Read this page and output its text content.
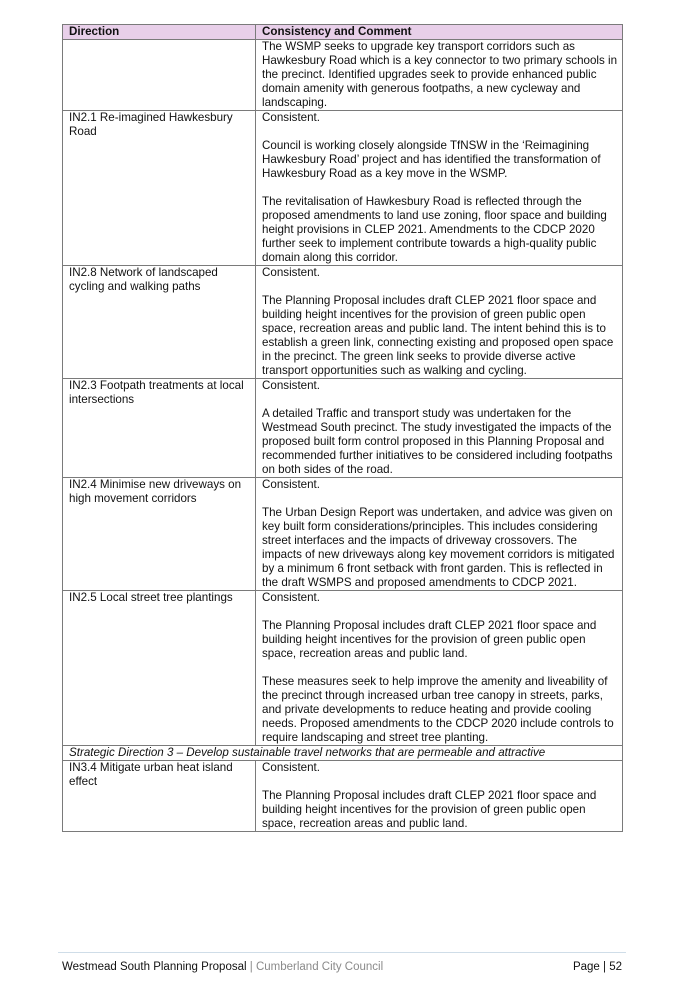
Direction	Consistency and Comment

	The WSMP seeks to upgrade key transport corridors such as Hawkesbury Road which is a key connector to two primary schools in the precinct. Identified upgrades seek to provide enhanced public domain amenity with generous footpaths, a new cycleway and landscaping.

IN2.1 Re-imagined Hawkesbury Road	Consistent.

Council is working closely alongside TfNSW in the ‘Reimagining Hawkesbury Road’ project and has identified the transformation of Hawkesbury Road as a key move in the WSMP.

The revitalisation of Hawkesbury Road is reflected through the proposed amendments to land use zoning, floor space and building height provisions in CLEP 2021. Amendments to the CDCP 2020 further seek to implement contribute towards a high-quality public domain along this corridor.

IN2.8 Network of landscaped cycling and walking paths	Consistent.

The Planning Proposal includes draft CLEP 2021 floor space and building height incentives for the provision of green public open space, recreation areas and public land. The intent behind this is to establish a green link, connecting existing and proposed open space in the precinct. The green link seeks to provide diverse active transport opportunities such as walking and cycling.

IN2.3 Footpath treatments at local intersections	Consistent.

A detailed Traffic and transport study was undertaken for the Westmead South precinct. The study investigated the impacts of the proposed built form control proposed in this Planning Proposal and recommended further initiatives to be considered including footpaths on both sides of the road.

IN2.4 Minimise new driveways on high movement corridors	Consistent.

The Urban Design Report was undertaken, and advice was given on key built form considerations/principles. This includes considering street interfaces and the impacts of driveway crossovers. The impacts of new driveways along key movement corridors is mitigated by a minimum 6 front setback with front garden. This is reflected in the draft WSMPS and proposed amendments to CDCP 2021.

IN2.5 Local street tree plantings	Consistent.

The Planning Proposal includes draft CLEP 2021 floor space and building height incentives for the provision of green public open space, recreation areas and public land.

These measures seek to help improve the amenity and liveability of the precinct through increased urban tree canopy in streets, parks, and private developments to reduce heating and provide cooling needs. Proposed amendments to the CDCP 2020 include controls to require landscaping and street tree planting.

Strategic Direction 3 – Develop sustainable travel networks that are permeable and attractive	
IN3.4 Mitigate urban heat island effect	Consistent.

The Planning Proposal includes draft CLEP 2021 floor space and building height incentives for the provision of green public open space, recreation areas and public land.

Westmead South Planning Proposal | Cumberland City Council	Page | 52
